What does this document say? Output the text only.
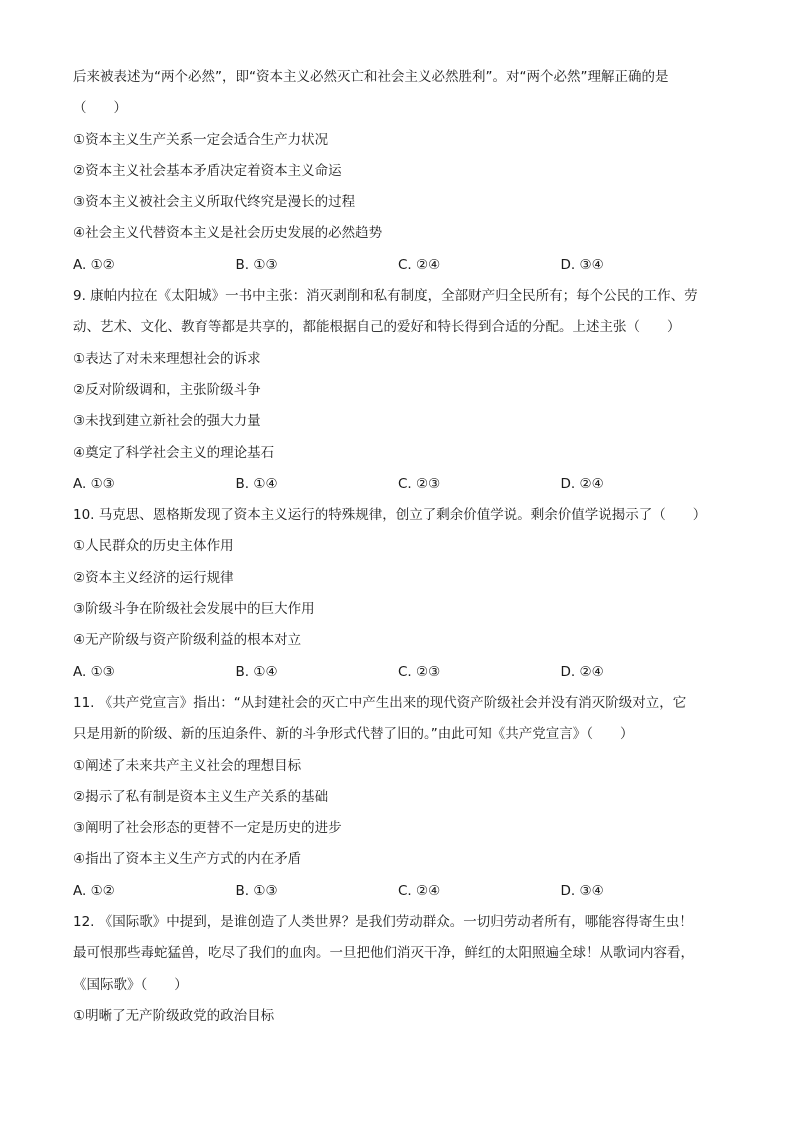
后来被表述为“两个必然”，即“资本主义必然灭亡和社会主义必然胜利”。对“两个必然”理解正确的是
（　　）
①资本主义生产关系一定会适合生产力状况
②资本主义社会基本矛盾决定着资本主义命运
③资本主义被社会主义所取代终究是漫长的过程
④社会主义代替资本主义是社会历史发展的必然趋势
A. ①②	B. ①③	C. ②④	D. ③④
9. 康帕内拉在《太阳城》一书中主张：消灭剥削和私有制度，全部财产归全民所有；每个公民的工作、劳
动、艺术、文化、教育等都是共享的，都能根据自己的爱好和特长得到合适的分配。上述主张（　　）
①表达了对未来理想社会的诉求
②反对阶级调和，主张阶级斗争
③未找到建立新社会的强大力量
④奠定了科学社会主义的理论基石
A. ①③	B. ①④	C. ②③	D. ②④
10. 马克思、恩格斯发现了资本主义运行的特殊规律，创立了剩余价值学说。剩余价值学说揭示了（　　）
①人民群众的历史主体作用
②资本主义经济的运行规律
③阶级斗争在阶级社会发展中的巨大作用
④无产阶级与资产阶级利益的根本对立
A. ①③	B. ①④	C. ②③	D. ②④
11. 《共产党宣言》指出：“从封建社会的灭亡中产生出来的现代资产阶级社会并没有消灭阶级对立，它
只是用新的阶级、新的压迫条件、新的斗争形式代替了旧的。”由此可知《共产党宣言》（　　）
①阐述了未来共产主义社会的理想目标
②揭示了私有制是资本主义生产关系的基础
③阐明了社会形态的更替不一定是历史的进步
④指出了资本主义生产方式的内在矛盾
A. ①②	B. ①③	C. ②④	D. ③④
12. 《国际歌》中提到，是谁创造了人类世界？是我们劳动群众。一切归劳动者所有，哪能容得寄生虫！
最可恨那些毒蛇猛兽，吃尽了我们的血肉。一旦把他们消灭干净，鲜红的太阳照遍全球！从歌词内容看，
《国际歌》（　　）
①明晰了无产阶级政党的政治目标
